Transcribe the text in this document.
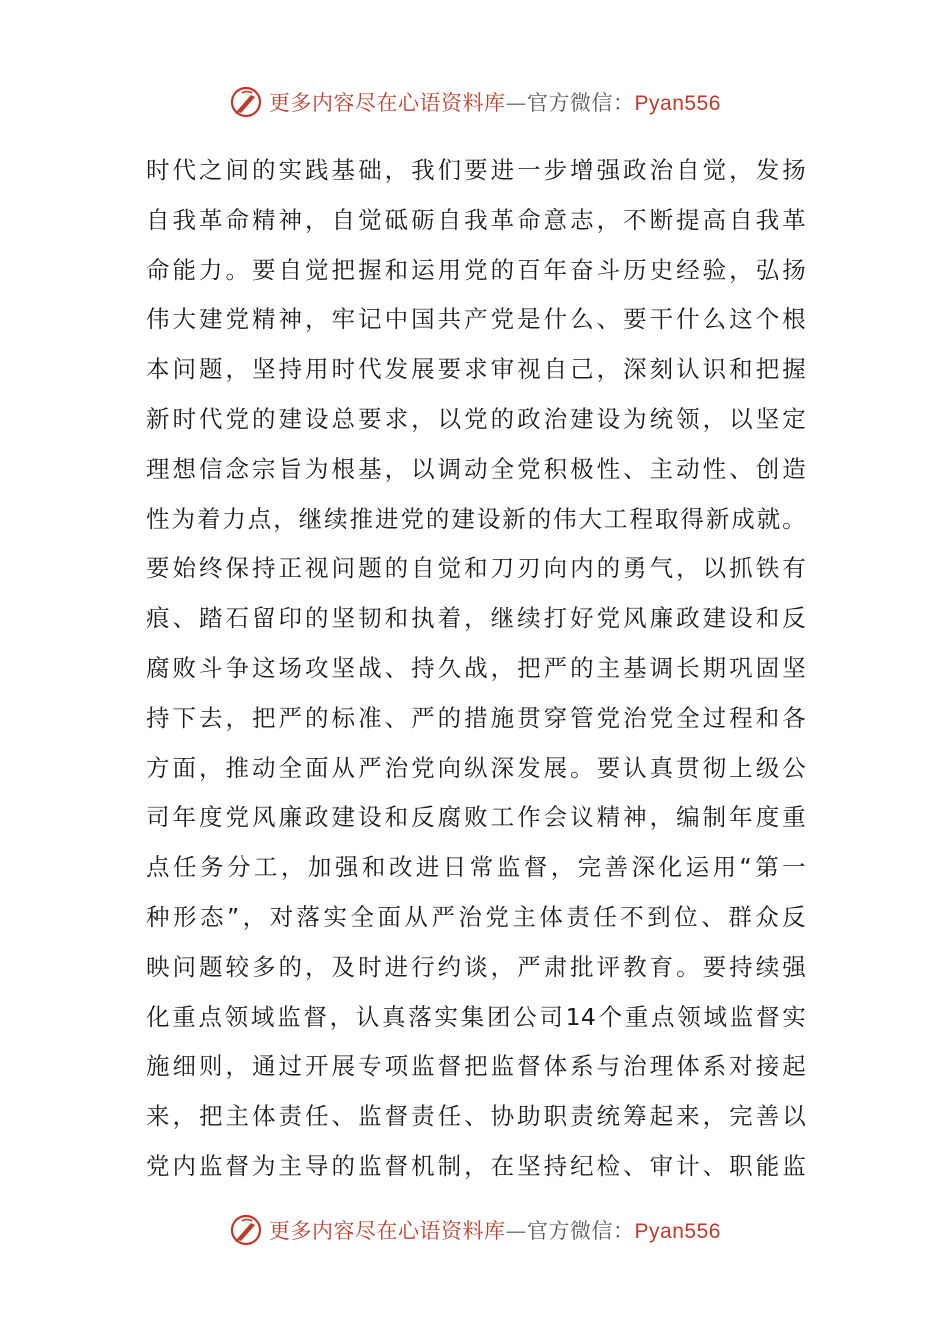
更多内容尽在心语资料库—官方微信：Pyan556
时代之间的实践基础，我们要进一步增强政治自觉，发扬
自我革命精神，自觉砥砺自我革命意志，不断提高自我革
命能力。要自觉把握和运用党的百年奋斗历史经验，弘扬
伟大建党精神，牢记中国共产党是什么、要干什么这个根
本问题，坚持用时代发展要求审视自己，深刻认识和把握
新时代党的建设总要求，以党的政治建设为统领，以坚定
理想信念宗旨为根基，以调动全党积极性、主动性、创造
性为着力点，继续推进党的建设新的伟大工程取得新成就。
要始终保持正视问题的自觉和刀刃向内的勇气，以抓铁有
痕、踏石留印的坚韧和执着，继续打好党风廉政建设和反
腐败斗争这场攻坚战、持久战，把严的主基调长期巩固坚
持下去，把严的标准、严的措施贯穿管党治党全过程和各
方面，推动全面从严治党向纵深发展。要认真贯彻上级公
司年度党风廉政建设和反腐败工作会议精神，编制年度重
点任务分工，加强和改进日常监督，完善深化运用“第一
种形态”，对落实全面从严治党主体责任不到位、群众反
映问题较多的，及时进行约谈，严肃批评教育。要持续强
化重点领域监督，认真落实集团公司14个重点领域监督实
施细则，通过开展专项监督把监督体系与治理体系对接起
来，把主体责任、监督责任、协助职责统筹起来，完善以
党内监督为主导的监督机制，在坚持纪检、审计、职能监
更多内容尽在心语资料库—官方微信：Pyan556
